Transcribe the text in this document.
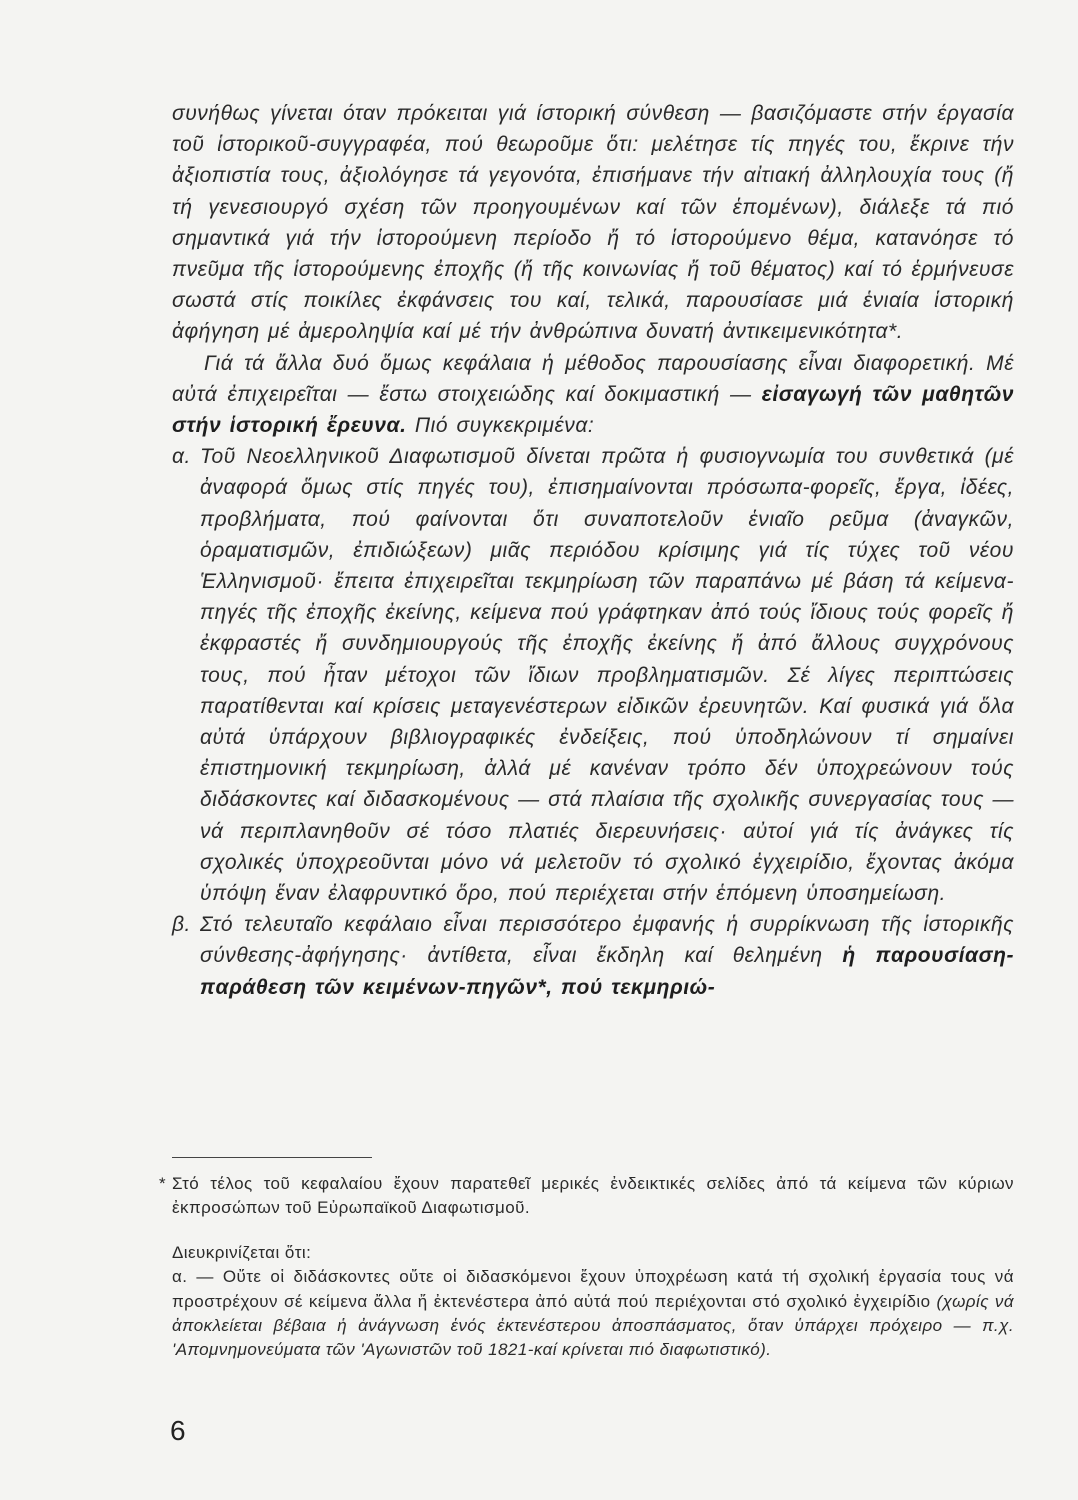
συνήθως γίνεται όταν πρόκειται γιά ίστορική σύνθεση — βασιζόμαστε στήν έργασία τοῦ ἱστορικοῦ-συγγραφέα, πού θεωροῦμε ὅτι: μελέτησε τίς πηγές του, ἔκρινε τήν ἀξιοπιστία τους, ἀξιολόγησε τά γεγονότα, ἐπισήμανε τήν αἰτιακή ἀλληλουχία τους (ἤ τή γενεσιουργό σχέση τῶν προηγουμένων καί τῶν ἑπομένων), διάλεξε τά πιό σημαντικά γιά τήν ἱστορούμενη περίοδο ἤ τό ἱστορούμενο θέμα, κατανόησε τό πνεῦμα τῆς ἱστορούμενης ἐποχῆς (ἤ τῆς κοινωνίας ἤ τοῦ θέματος) καί τό ἑρμήνευσε σωστά στίς ποικίλες ἐκφάνσεις του καί, τελικά, παρουσίασε μιά ἑνιαία ἱστορική ἀφήγηση μέ ἀμεροληψία καί μέ τήν ἀνθρώπινα δυνατή ἀντικειμενικότητα*.

Γιά τά ἄλλα δυό ὅμως κεφάλαια ἡ μέθοδος παρουσίασης εἶναι διαφορετική. Μέ αὐτά ἐπιχειρεῖται — ἔστω στοιχειώδης καί δοκιμαστική — εἰσαγωγή τῶν μαθητῶν στήν ἱστορική ἔρευνα. Πιό συγκεκριμένα:

α. Τοῦ Νεοελληνικοῦ Διαφωτισμοῦ δίνεται πρῶτα ἡ φυσιογνωμία του συνθετικά (μέ ἀναφορά ὅμως στίς πηγές του), ἐπισημαίνονται πρόσωπα-φορεῖς, ἔργα, ἰδέες, προβλήματα, πού φαίνονται ὅτι συναποτελοῦν ἑνιαῖο ρεῦμα (ἀναγκῶν, ὁραματισμῶν, ἐπιδιώξεων) μιᾶς περιόδου κρίσιμης γιά τίς τύχες τοῦ νέου Ἑλληνισμοῦ· ἔπειτα ἐπιχειρεῖται τεκμηρίωση τῶν παραπάνω μέ βάση τά κείμενα-πηγές τῆς ἐποχῆς ἐκείνης, κείμενα πού γράφτηκαν ἀπό τούς ἴδιους τούς φορεῖς ἤ ἐκφραστές ἤ συνδημιουργούς τῆς ἐποχῆς ἐκείνης ἤ ἀπό ἄλλους συγχρόνους τους, πού ἦταν μέτοχοι τῶν ἴδιων προβληματισμῶν. Σέ λίγες περιπτώσεις παρατίθενται καί κρίσεις μεταγενέστερων εἰδικῶν ἐρευνητῶν. Καί φυσικά γιά ὅλα αὐτά ὑπάρχουν βιβλιογραφικές ἐνδείξεις, πού ὑποδηλώνουν τί σημαίνει ἐπιστημονική τεκμηρίωση, ἀλλά μέ κανέναν τρόπο δέν ὑποχρεώνουν τούς διδάσκοντες καί διδασκομένους — στά πλαίσια τῆς σχολικῆς συνεργασίας τους — νά περιπλανηθοῦν σέ τόσο πλατιές διερευνήσεις· αὐτοί γιά τίς ἀνάγκες τίς σχολικές ὑποχρεοῦνται μόνο νά μελετοῦν τό σχολικό ἐγχειρίδιο, ἔχοντας ἀκόμα ὑπόψη ἕναν ἐλαφρυντικό ὅρο, πού περιέχεται στήν ἑπόμενη ὑποσημείωση.

β. Στό τελευταῖο κεφάλαιο εἶναι περισσότερο ἐμφανής ἡ συρρίκνωση τῆς ἱστορικῆς σύνθεσης-ἀφήγησης· ἀντίθετα, εἶναι ἔκδηλη καί θελημένη ἡ παρουσίαση-παράθεση τῶν κειμένων-πηγῶν*, πού τεκμηριώ-

* Στό τέλος τοῦ κεφαλαίου ἔχουν παρατεθεῖ μερικές ἐνδεικτικές σελίδες ἀπό τά κείμενα τῶν κύριων ἐκπροσώπων τοῦ Εὐρωπαϊκοῦ Διαφωτισμοῦ.

Διευκρινίζεται ὅτι:

α. — Οὔτε οἱ διδάσκοντες οὔτε οἱ διδασκόμενοι ἔχουν ὑποχρέωση κατά τή σχολική ἐργασία τους νά προστρέχουν σέ κείμενα ἄλλα ἤ ἐκτενέστερα ἀπό αὐτά πού περιέχονται στό σχολικό ἐγχειρίδιο (χωρίς νά ἀποκλείεται βέβαια ἡ ἀνάγνωση ἑνός ἐκτενέστερου ἀποσπάσματος, ὅταν ὑπάρχει πρόχειρο — π.χ. 'Απομνημονεύματα τῶν 'Αγωνιστῶν τοῦ 1821-καί κρίνεται πιό διαφωτιστικό).

6
